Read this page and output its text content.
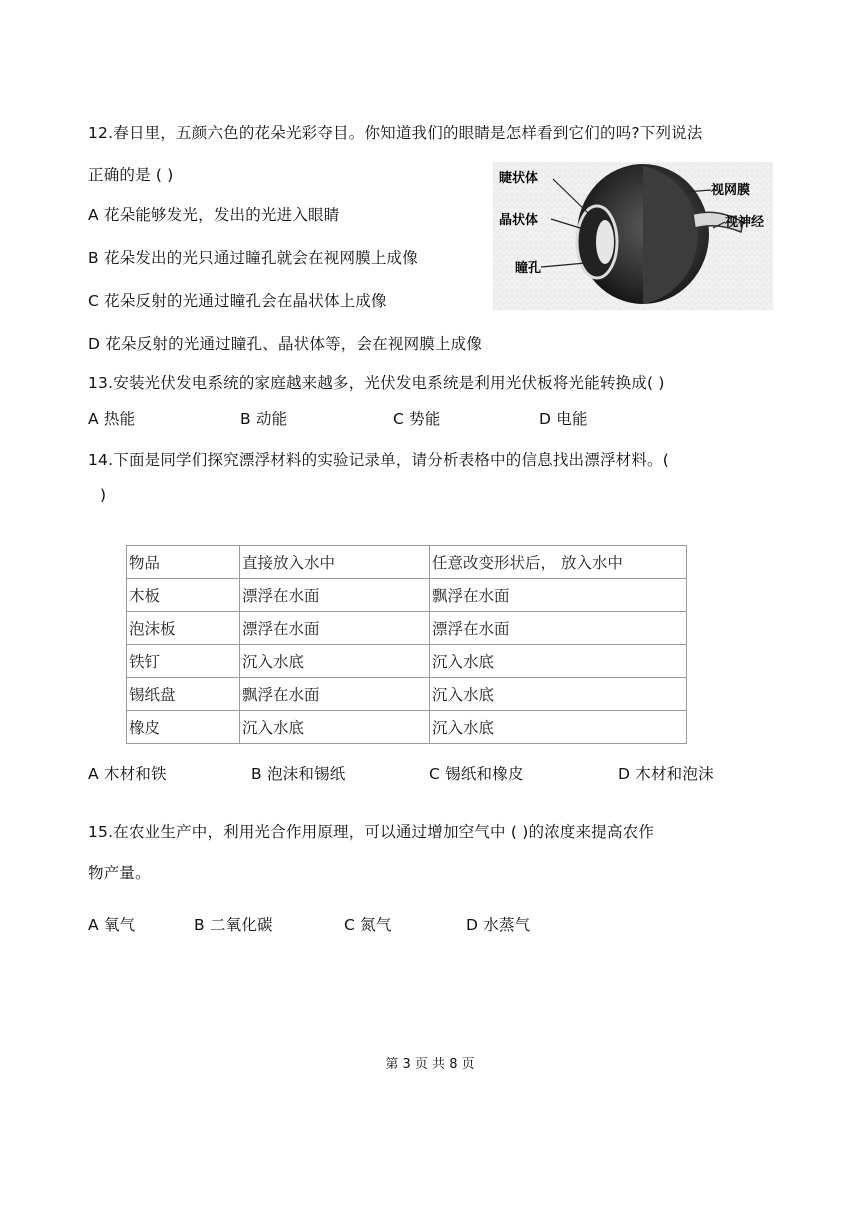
12.春日里，五颜六色的花朵光彩夺目。你知道我们的眼睛是怎样看到它们的吗?下列说法
正确的是 ( )
A 花朵能够发光，发出的光进入眼睛
B 花朵发出的光只通过瞳孔就会在视网膜上成像
C 花朵反射的光通过瞳孔会在晶状体上成像
D 花朵反射的光通过瞳孔、晶状体等，会在视网膜上成像
睫状体
晶状体
瞳孔
视网膜
视神经
13.安装光伏发电系统的家庭越来越多，光伏发电系统是利用光伏板将光能转换成( )
A 热能	B 动能	C 势能	D 电能
14.下面是同学们探究漂浮材料的实验记录单，请分析表格中的信息找出漂浮材料。(
)
物品	直接放入水中	任意改变形状后， 放入水中
木板	漂浮在水面	飘浮在水面
泡沫板	漂浮在水面	漂浮在水面
铁钉	沉入水底	沉入水底
锡纸盘	飘浮在水面	沉入水底
橡皮	沉入水底	沉入水底
A 木材和铁	B 泡沫和锡纸	C 锡纸和橡皮	D 木材和泡沫
15.在农业生产中，利用光合作用原理，可以通过增加空气中 ( )的浓度来提高农作
物产量。
A 氧气	B 二氧化碳	C 氮气	D 水蒸气
第 3 页 共 8 页
